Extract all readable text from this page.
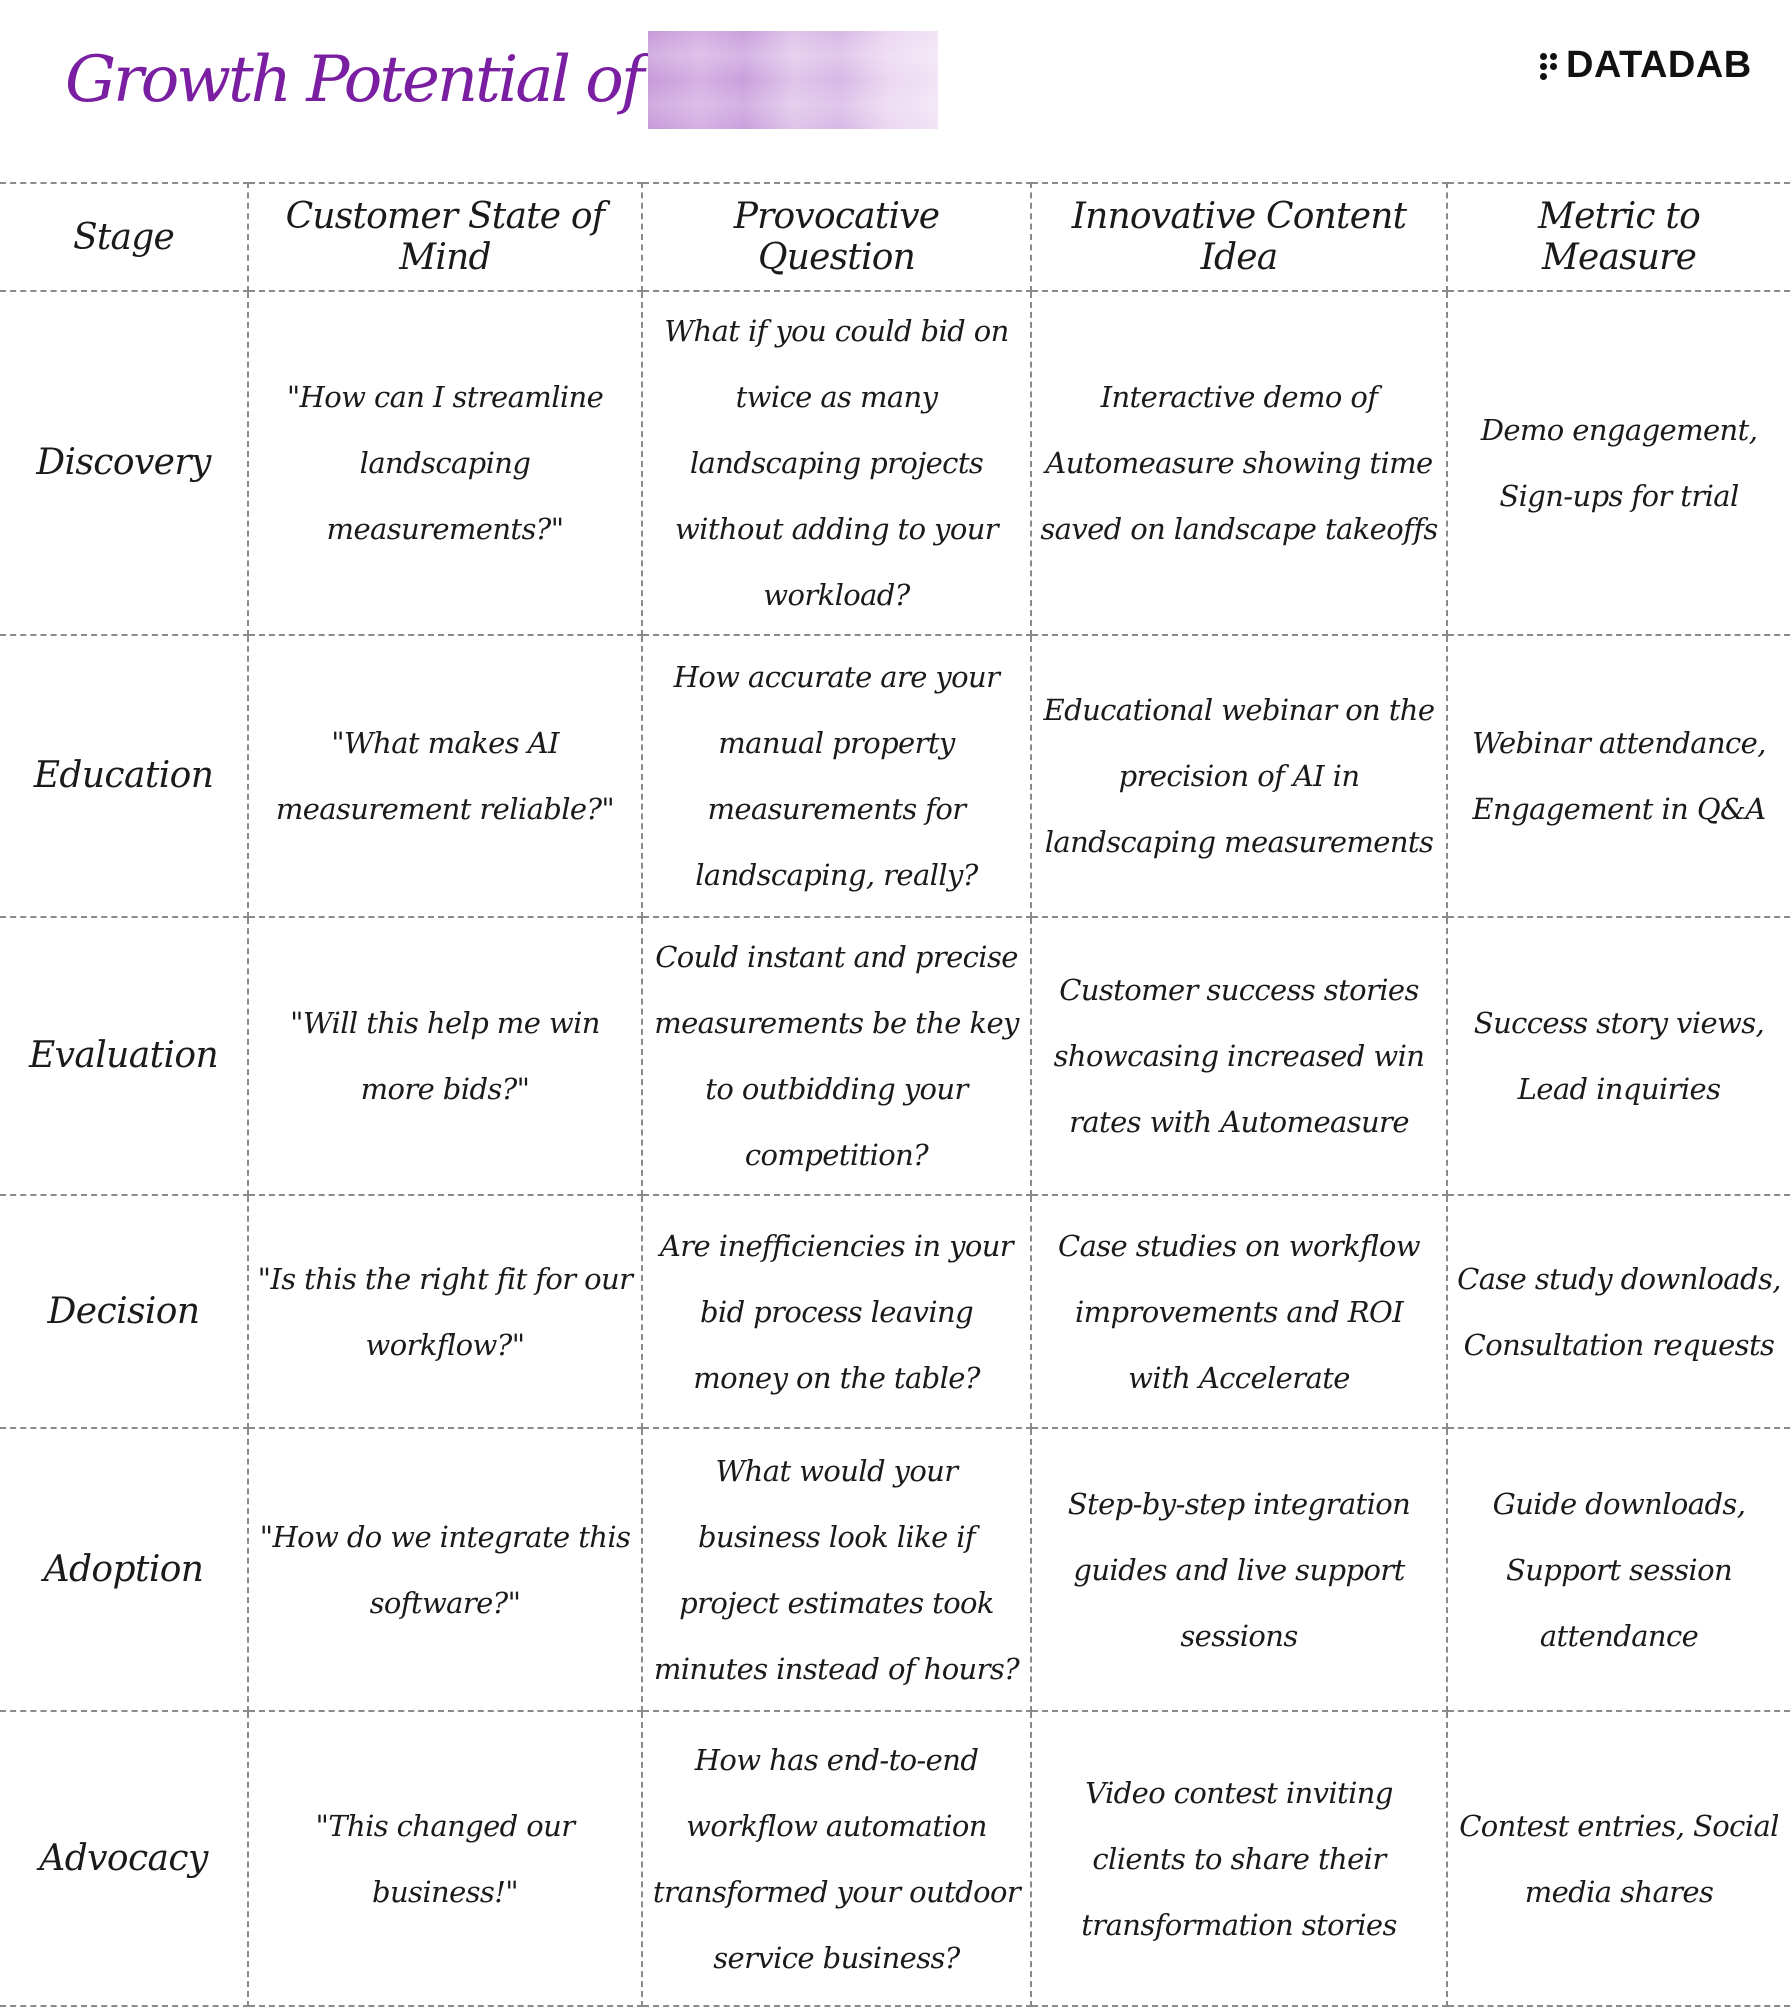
Growth Potential of	DATADAB
Stage	Customer State of Mind	Provocative Question	Innovative Content Idea	Metric to Measure
Discovery	"How can I streamline landscaping measurements?"	What if you could bid on twice as many landscaping projects without adding to your workload?	Interactive demo of Automeasure showing time saved on landscape takeoffs	Demo engagement, Sign-ups for trial
Education	"What makes AI measurement reliable?"	How accurate are your manual property measurements for landscaping, really?	Educational webinar on the precision of AI in landscaping measurements	Webinar attendance, Engagement in Q&A
Evaluation	"Will this help me win more bids?"	Could instant and precise measurements be the key to outbidding your competition?	Customer success stories showcasing increased win rates with Automeasure	Success story views, Lead inquiries
Decision	"Is this the right fit for our workflow?"	Are inefficiencies in your bid process leaving money on the table?	Case studies on workflow improvements and ROI with Accelerate	Case study downloads, Consultation requests
Adoption	"How do we integrate this software?"	What would your business look like if project estimates took minutes instead of hours?	Step-by-step integration guides and live support sessions	Guide downloads, Support session attendance
Advocacy	"This changed our business!"	How has end-to-end workflow automation transformed your outdoor service business?	Video contest inviting clients to share their transformation stories	Contest entries, Social media shares
